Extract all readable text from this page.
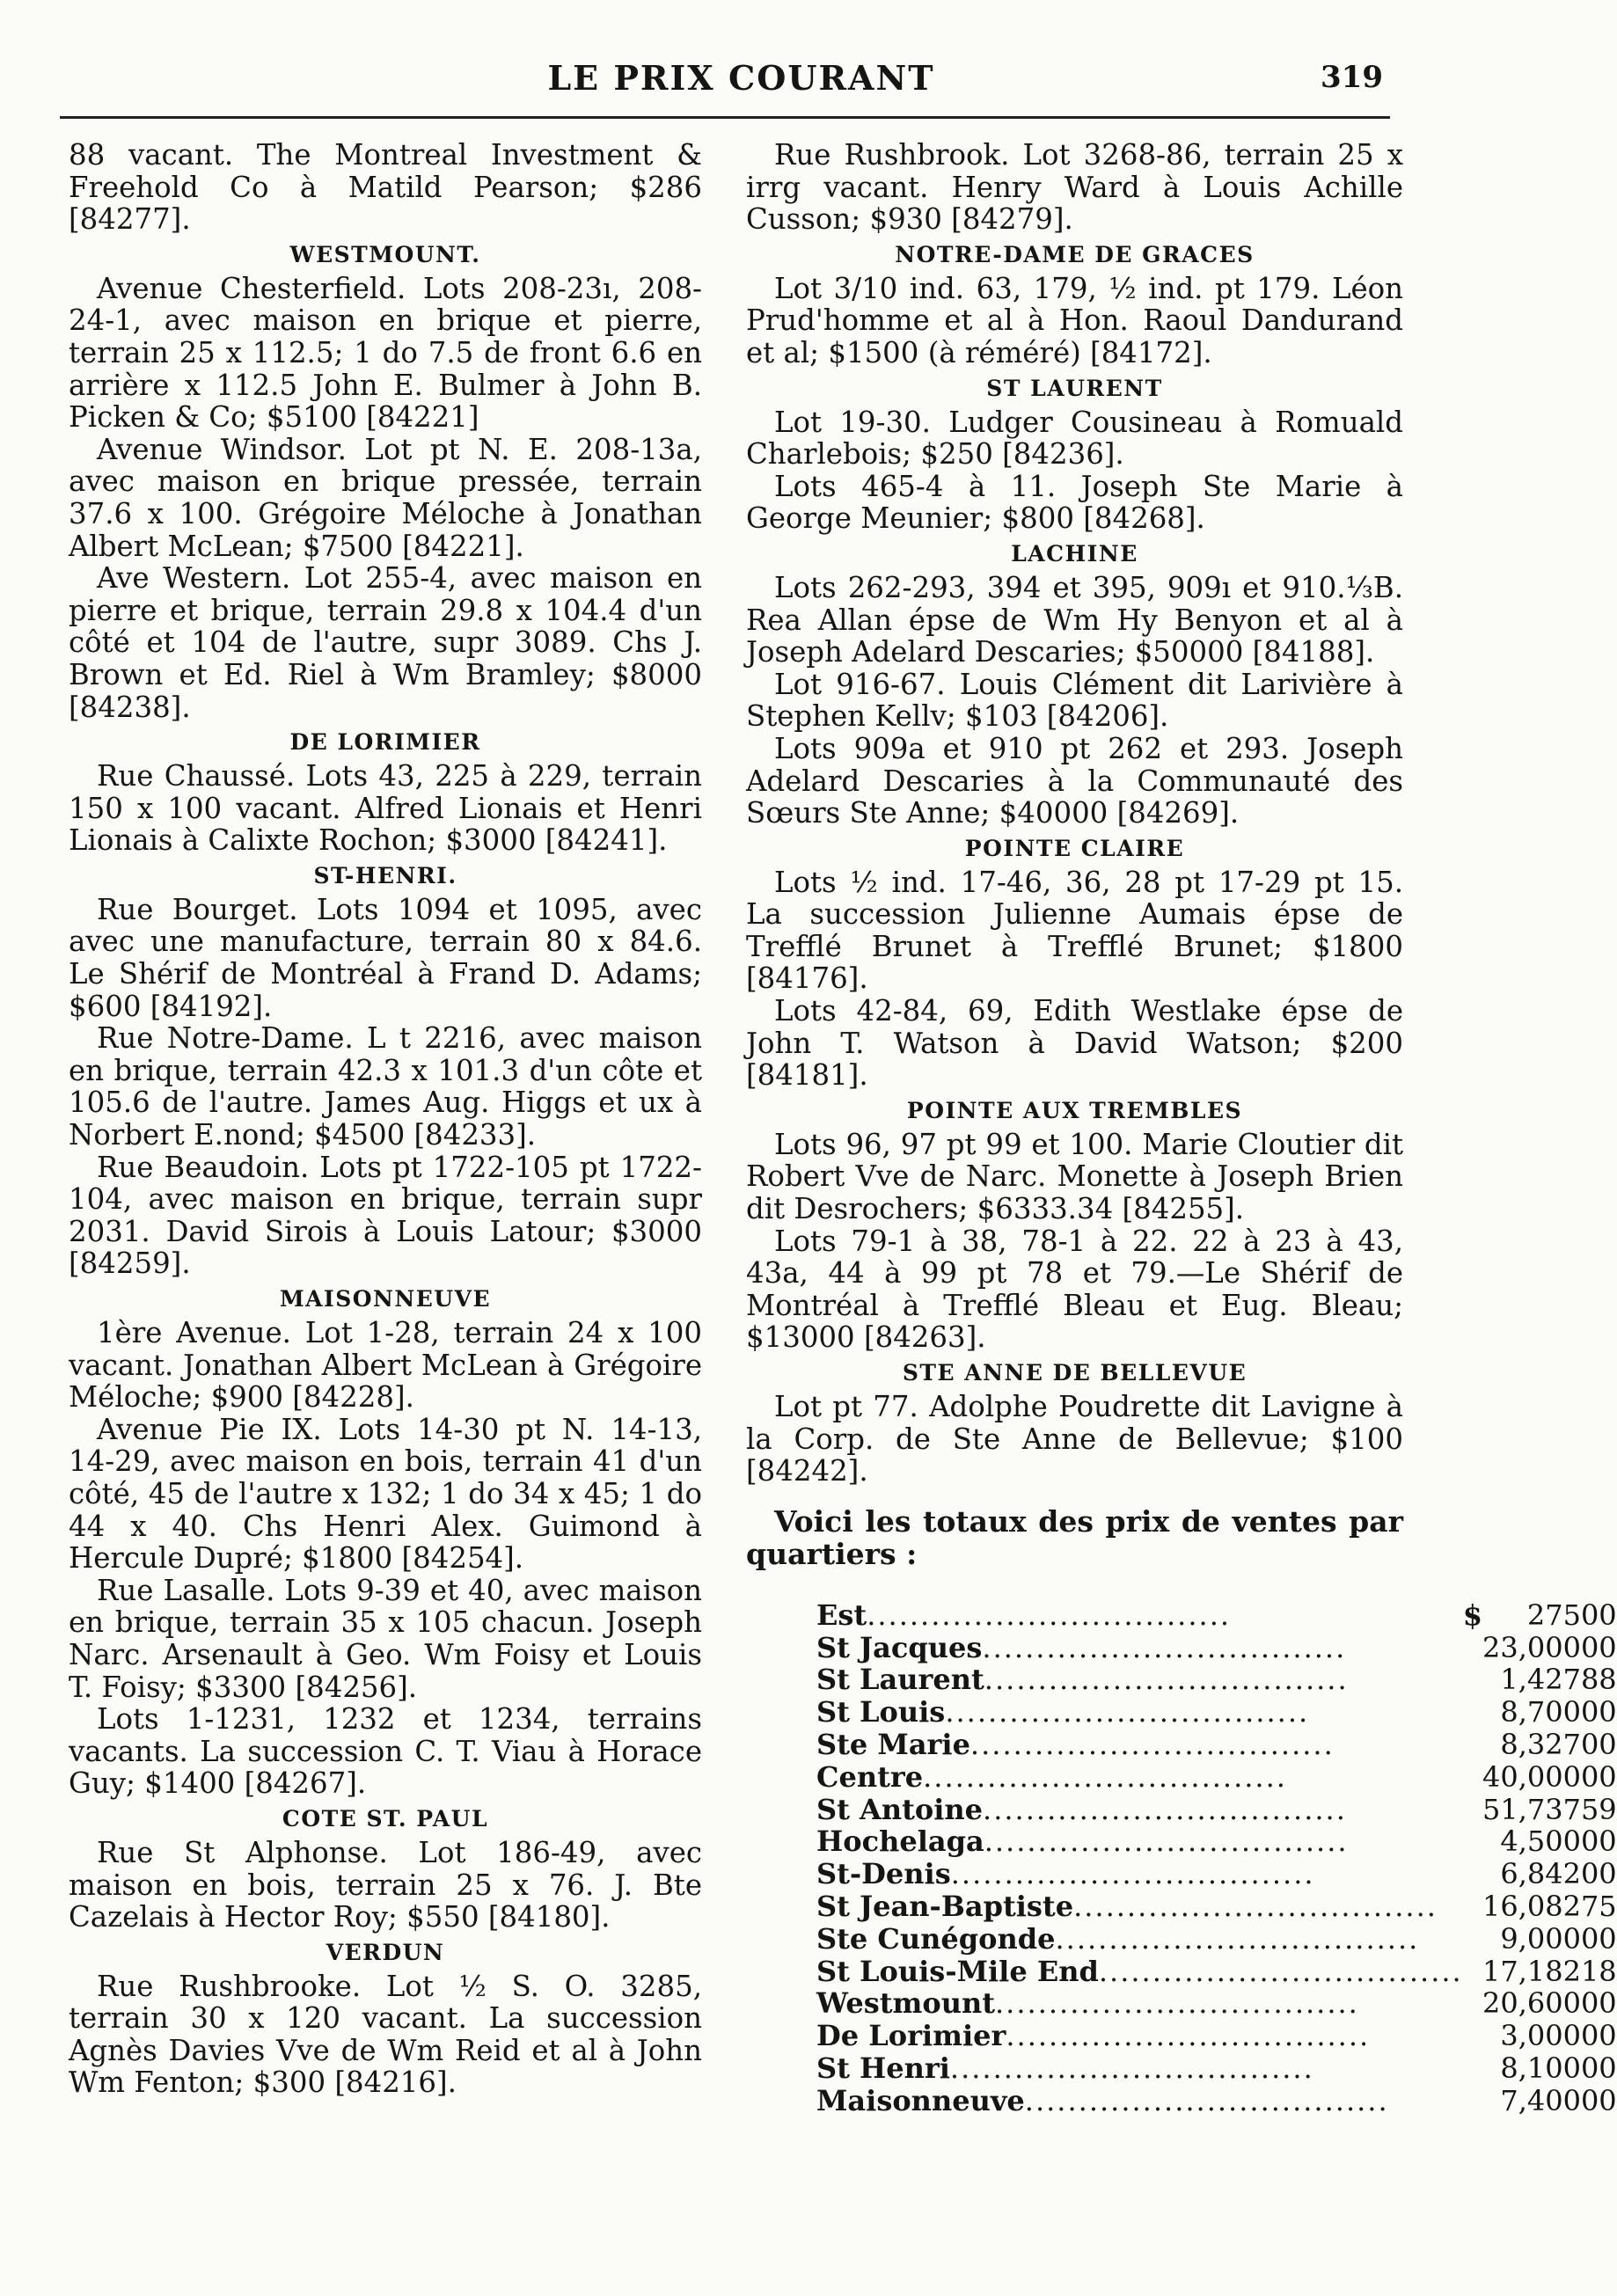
LE PRIX COURANT	319

88 vacant. The Montreal Investment & Freehold Co à Matild Pearson; $286 [84277].

WESTMOUNT.

Avenue Chesterfield. Lots 208-23ı, 208-24-1, avec maison en brique et pierre, terrain 25 x 112.5; 1 do 7.5 de front 6.6 en arrière x 112.5 John E. Bulmer à John B. Picken & Co; $5100 [84221]

Avenue Windsor. Lot pt N. E. 208-13a, avec maison en brique pressée, terrain 37.6 x 100. Grégoire Méloche à Jonathan Albert McLean; $7500 [84221].

Ave Western. Lot 255-4, avec maison en pierre et brique, terrain 29.8 x 104.4 d'un côté et 104 de l'autre, supr 3089. Chs J. Brown et Ed. Riel à Wm Bramley; $8000 [84238].

DE LORIMIER

Rue Chaussé. Lots 43, 225 à 229, terrain 150 x 100 vacant. Alfred Lionais et Henri Lionais à Calixte Rochon; $3000 [84241].

ST-HENRI.

Rue Bourget. Lots 1094 et 1095, avec avec une manufacture, terrain 80 x 84.6. Le Shérif de Montréal à Frand D. Adams; $600 [84192].

Rue Notre-Dame. L t 2216, avec maison en brique, terrain 42.3 x 101.3 d'un côte et 105.6 de l'autre. James Aug. Higgs et ux à Norbert E.nond; $4500 [84233].

Rue Beaudoin. Lots pt 1722-105 pt 1722-104, avec maison en brique, terrain supr 2031. David Sirois à Louis Latour; $3000 [84259].

MAISONNEUVE

1ère Avenue. Lot 1-28, terrain 24 x 100 vacant. Jonathan Albert McLean à Grégoire Méloche; $900 [84228].

Avenue Pie IX. Lots 14-30 pt N. 14-13, 14-29, avec maison en bois, terrain 41 d'un côté, 45 de l'autre x 132; 1 do 34 x 45; 1 do 44 x 40. Chs Henri Alex. Guimond à Hercule Dupré; $1800 [84254].

Rue Lasalle. Lots 9-39 et 40, avec maison en brique, terrain 35 x 105 chacun. Joseph Narc. Arsenault à Geo. Wm Foisy et Louis T. Foisy; $3300 [84256].

Lots 1-1231, 1232 et 1234, terrains vacants. La succession C. T. Viau à Horace Guy; $1400 [84267].

COTE ST. PAUL

Rue St Alphonse. Lot 186-49, avec maison en bois, terrain 25 x 76. J. Bte Cazelais à Hector Roy; $550 [84180].

VERDUN

Rue Rushbrooke. Lot ½ S. O. 3285, terrain 30 x 120 vacant. La succession Agnès Davies Vve de Wm Reid et al à John Wm Fenton; $300 [84216].

Rue Rushbrook. Lot 3268-86, terrain 25 x irrg vacant. Henry Ward à Louis Achille Cusson; $930 [84279].

NOTRE-DAME DE GRACES

Lot 3/10 ind. 63, 179, ½ ind. pt 179. Léon Prud'homme et al à Hon. Raoul Dandurand et al; $1500 (à réméré) [84172].

ST LAURENT

Lot 19-30. Ludger Cousineau à Romuald Charlebois; $250 [84236].

Lots 465-4 à 11. Joseph Ste Marie à George Meunier; $800 [84268].

LACHINE

Lots 262-293, 394 et 395, 909ı et 910.⅓B. Rea Allan épse de Wm Hy Benyon et al à Joseph Adelard Descaries; $50000 [84188].

Lot 916-67. Louis Clément dit Larivière à Stephen Kellv; $103 [84206].

Lots 909a et 910 pt 262 et 293. Joseph Adelard Descaries à la Communauté des Sœurs Ste Anne; $40000 [84269].

POINTE CLAIRE

Lots ½ ind. 17-46, 36, 28 pt 17-29 pt 15. La succession Julienne Aumais épse de Trefflé Brunet à Trefflé Brunet; $1800 [84176].

Lots 42-84, 69, Edith Westlake épse de John T. Watson à David Watson; $200 [84181].

POINTE AUX TREMBLES

Lots 96, 97 pt 99 et 100. Marie Cloutier dit Robert Vve de Narc. Monette à Joseph Brien dit Desrochers; $6333.34 [84255].

Lots 79-1 à 38, 78-1 à 22. 22 à 23 à 43, 43a, 44 à 99 pt 78 et 79.—Le Shérif de Montréal à Trefflé Bleau et Eug. Bleau; $13000 [84263].

STE ANNE DE BELLEVUE

Lot pt 77. Adolphe Poudrette dit Lavigne à la Corp. de Ste Anne de Bellevue; $100 [84242].

Voici les totaux des prix de ventes par quartiers :

Est..................................	$	275	00
St Jacques..................................		23,000	00
St Laurent..................................		1,427	88
St Louis..................................		8,700	00
Ste Marie..................................		8,327	00
Centre..................................		40,000	00
St Antoine..................................		51,737	59
Hochelaga..................................		4,500	00
St-Denis..................................		6,842	00
St Jean-Baptiste..................................		16,082	75
Ste Cunégonde..................................		9,000	00
St Louis-Mile End..................................		17,182	18
Westmount..................................		20,600	00
De Lorimier..................................		3,000	00
St Henri..................................		8,100	00
Maisonneuve..................................		7,400	00
